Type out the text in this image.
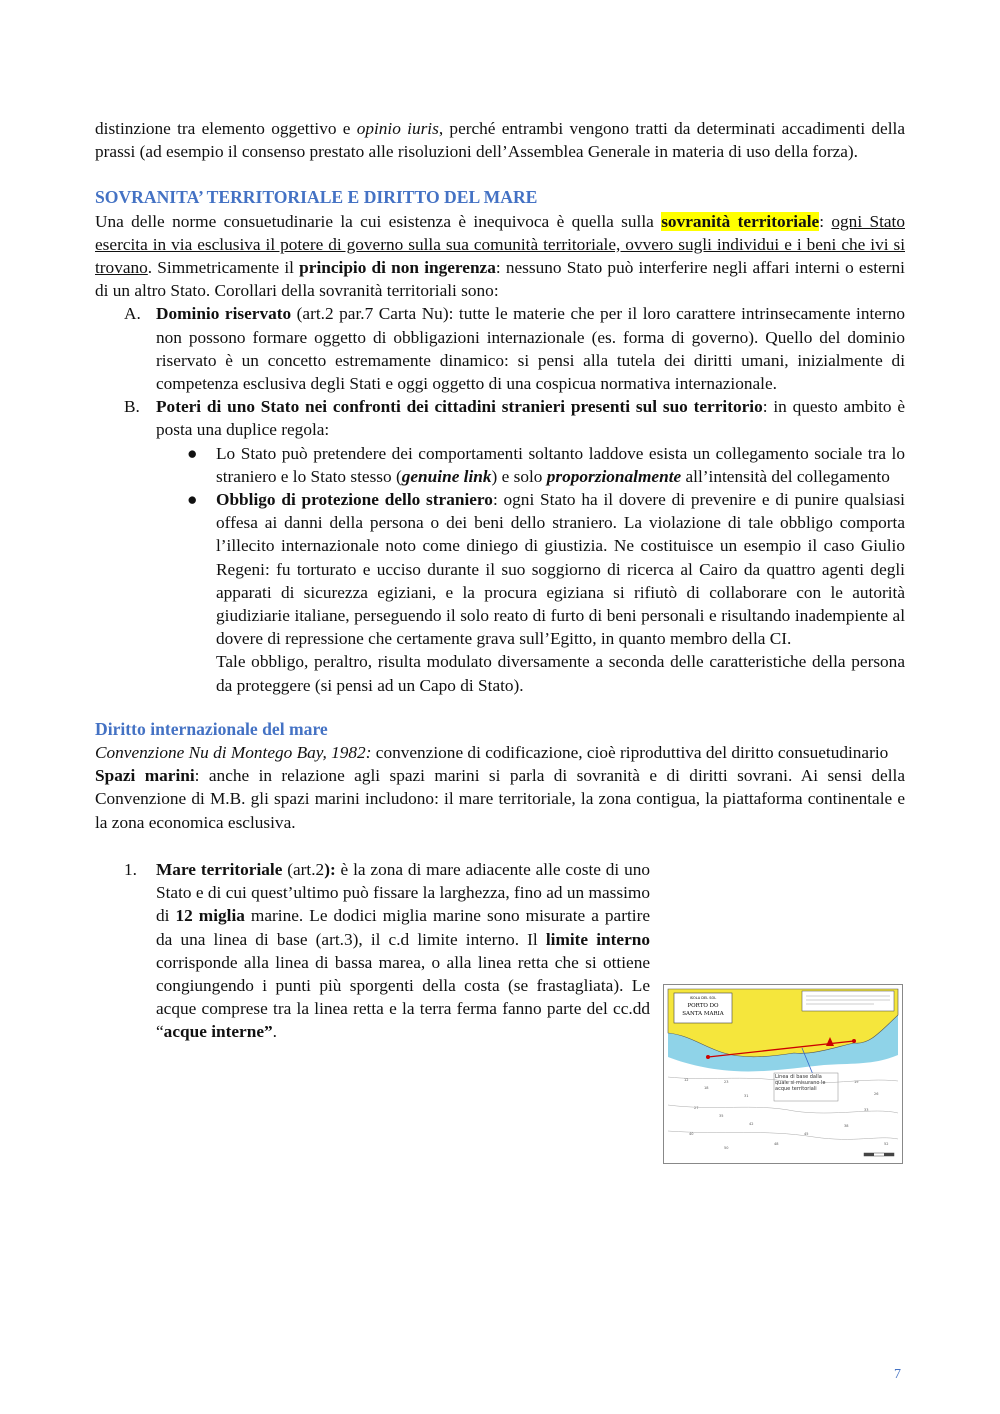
distinzione tra elemento oggettivo e opinio iuris, perché entrambi vengono tratti da determinati accadimenti della prassi (ad esempio il consenso prestato alle risoluzioni dell’Assemblea Generale in materia di uso della forza).

SOVRANITA’ TERRITORIALE E DIRITTO DEL MARE

Una delle norme consuetudinarie la cui esistenza è inequivoca è quella sulla sovranità territoriale: ogni Stato esercita in via esclusiva il potere di governo sulla sua comunità territoriale, ovvero sugli individui e i beni che ivi si trovano. Simmetricamente il principio di non ingerenza: nessuno Stato può interferire negli affari interni o esterni di un altro Stato. Corollari della sovranità territoriali sono:

A. Dominio riservato (art.2 par.7 Carta Nu): tutte le materie che per il loro carattere intrinsecamente interno non possono formare oggetto di obbligazioni internazionale (es. forma di governo). Quello del dominio riservato è un concetto estremamente dinamico: si pensi alla tutela dei diritti umani, inizialmente di competenza esclusiva degli Stati e oggi oggetto di una cospicua normativa internazionale.
B. Poteri di uno Stato nei confronti dei cittadini stranieri presenti sul suo territorio: in questo ambito è posta una duplice regola:
● Lo Stato può pretendere dei comportamenti soltanto laddove esista un collegamento sociale tra lo straniero e lo Stato stesso (genuine link) e solo proporzionalmente all’intensità del collegamento
● Obbligo di protezione dello straniero: ogni Stato ha il dovere di prevenire e di punire qualsiasi offesa ai danni della persona o dei beni dello straniero. La violazione di tale obbligo comporta l’illecito internazionale noto come diniego di giustizia. Ne costituisce un esempio il caso Giulio Regeni: fu torturato e ucciso durante il suo soggiorno di ricerca al Cairo da quattro agenti degli apparati di sicurezza egiziani, e la procura egiziana si rifiutò di collaborare con le autorità giudiziarie italiane, perseguendo il solo reato di furto di beni personali e risultando inadempiente al dovere di repressione che certamente grava sull’Egitto, in quanto membro della CI.

Tale obbligo, peraltro, risulta modulato diversamente a seconda delle caratteristiche della persona da proteggere (si pensi ad un Capo di Stato).

Diritto internazionale del mare

Convenzione Nu di Montego Bay, 1982: convenzione di codificazione, cioè riproduttiva del diritto consuetudinario

Spazi marini: anche in relazione agli spazi marini si parla di sovranità e di diritti sovrani. Ai sensi della Convenzione di M.B. gli spazi marini includono: il mare territoriale, la zona contigua, la piattaforma continentale e la zona economica esclusiva.

1. Mare territoriale (art.2): è la zona di mare adiacente alle coste di uno Stato e di cui quest’ultimo può fissare la larghezza, fino ad un massimo di 12 miglia marine. Le dodici miglia marine sono misurate a partire da una linea di base (art.3), il c.d limite interno. Il limite interno corrisponde alla linea di bassa marea, o alla linea retta che si ottiene congiungendo i punti più sporgenti della costa (se frastagliata). Le acque comprese tra la linea retta e la terra ferma fanno parte del cc.dd “acque interne”.

ISOLA DEL SOL
PORTO DO
SANTA MARIA
Linea di base dalla quale si misurano le acque territoriali
12
18
23
31
27
35
42
40
19
26
33
38
45
48
50
52
7
